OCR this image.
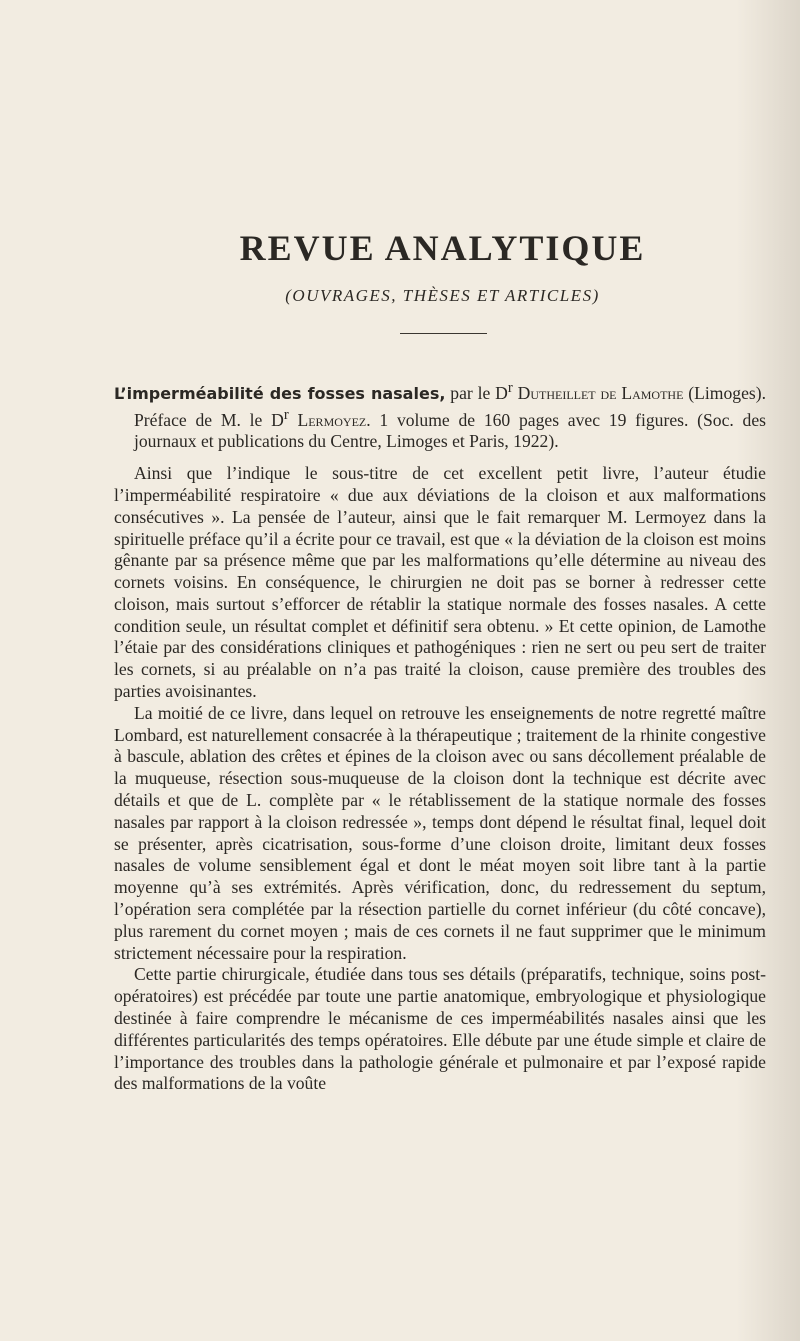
REVUE ANALYTIQUE
(OUVRAGES, THÈSES ET ARTICLES)

L’imperméabilité des fosses nasales, par le $D^r$ Dutheillet de Lamothe (Limoges). Préface de M. le $D^r$ Lermoyez. 1 volume de 160 pages avec 19 figures. (Soc. des journaux et publications du Centre, Limoges et Paris, 1922).

Ainsi que l’indique le sous-titre de cet excellent petit livre, l’auteur étudie l’imperméabilité respiratoire « due aux déviations de la cloison et aux malformations consécutives ». La pensée de l’auteur, ainsi que le fait remarquer M. Lermoyez dans la spirituelle préface qu’il a écrite pour ce travail, est que « la déviation de la cloison est moins gênante par sa présence même que par les malformations qu’elle détermine au niveau des cornets voisins. En conséquence, le chirurgien ne doit pas se borner à redresser cette cloison, mais surtout s’efforcer de rétablir la statique normale des fosses nasales. A cette condition seule, un résultat complet et définitif sera obtenu. » Et cette opinion, de Lamothe l’étaie par des considérations cliniques et pathogéniques : rien ne sert ou peu sert de traiter les cornets, si au préalable on n’a pas traité la cloison, cause première des troubles des parties avoisinantes.

La moitié de ce livre, dans lequel on retrouve les enseignements de notre regretté maître Lombard, est naturellement consacrée à la thérapeutique ; traitement de la rhinite congestive à bascule, ablation des crêtes et épines de la cloison avec ou sans décollement préalable de la muqueuse, résection sous-muqueuse de la cloison dont la technique est décrite avec détails et que de L. complète par « le rétablissement de la statique normale des fosses nasales par rapport à la cloison redressée », temps dont dépend le résultat final, lequel doit se présenter, après cicatrisation, sous-forme d’une cloison droite, limitant deux fosses nasales de volume sensiblement égal et dont le méat moyen soit libre tant à la partie moyenne qu’à ses extrémités. Après vérification, donc, du redressement du septum, l’opération sera complétée par la résection partielle du cornet inférieur (du côté concave), plus rarement du cornet moyen ; mais de ces cornets il ne faut supprimer que le minimum strictement nécessaire pour la respiration.

Cette partie chirurgicale, étudiée dans tous ses détails (préparatifs, technique, soins post-opératoires) est précédée par toute une partie anatomique, embryologique et physiologique destinée à faire comprendre le mécanisme de ces imperméabilités nasales ainsi que les différentes particularités des temps opératoires. Elle débute par une étude simple et claire de l’importance des troubles dans la pathologie générale et pulmonaire et par l’exposé rapide des malformations de la voûte
